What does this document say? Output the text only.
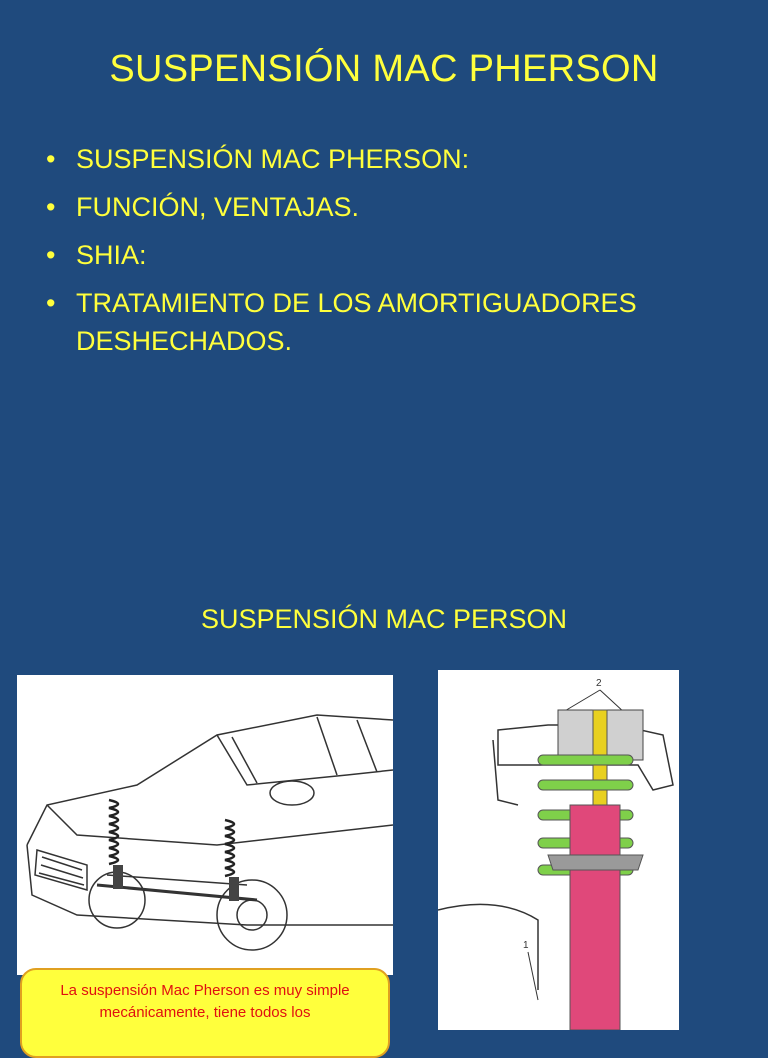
SUSPENSIÓN MAC PHERSON
• SUSPENSIÓN MAC PHERSON:
• FUNCIÓN, VENTAJAS.
• SHIA:
• TRATAMIENTO DE LOS AMORTIGUADORES DESHECHADOS.
SUSPENSIÓN MAC PERSON
2
1
La suspensión Mac Pherson es muy simple mecánicamente, tiene todos los
